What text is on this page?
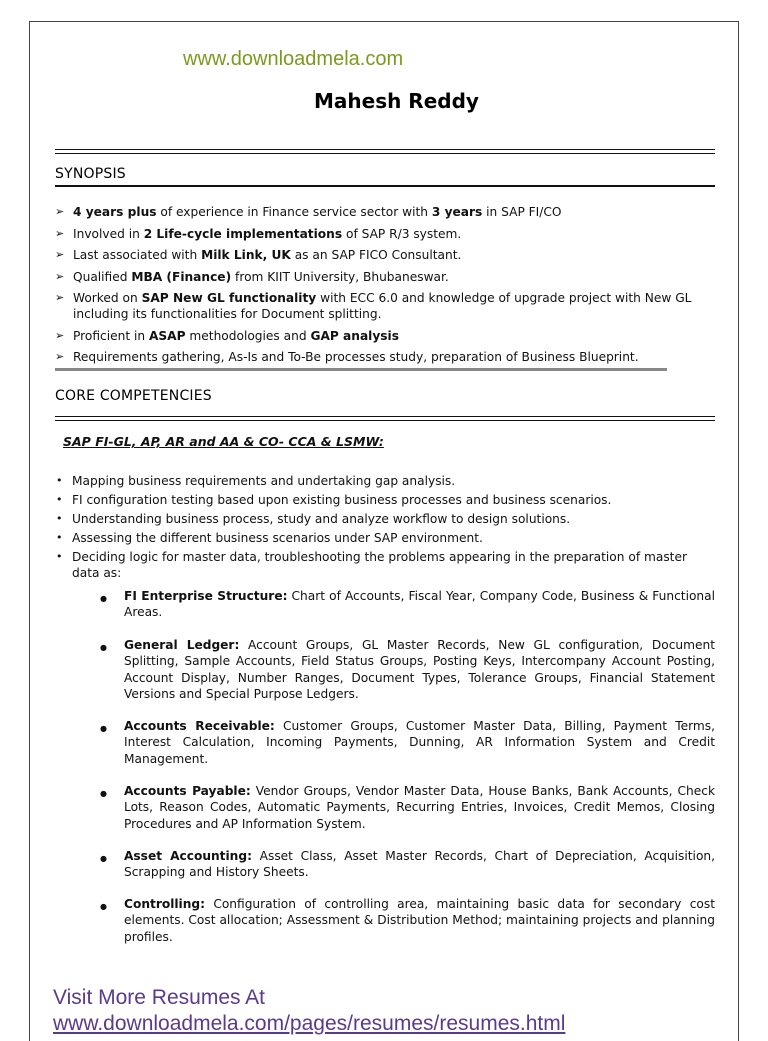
www.downloadmela.com
Mahesh Reddy
SYNOPSIS
➢ 4 years plus of experience in Finance service sector with 3 years in SAP FI/CO
➢ Involved in 2 Life-cycle implementations of SAP R/3 system.
➢ Last associated with Milk Link, UK as an SAP FICO Consultant.
➢ Qualified MBA (Finance) from KIIT University, Bhubaneswar.
➢ Worked on SAP New GL functionality with ECC 6.0 and knowledge of upgrade project with New GL including its functionalities for Document splitting.
➢ Proficient in ASAP methodologies and GAP analysis
➢ Requirements gathering, As-Is and To-Be processes study, preparation of Business Blueprint.
CORE COMPETENCIES
SAP FI-GL, AP, AR and AA & CO- CCA & LSMW:
• Mapping business requirements and undertaking gap analysis.
• FI configuration testing based upon existing business processes and business scenarios.
• Understanding business process, study and analyze workflow to design solutions.
• Assessing the different business scenarios under SAP environment.
• Deciding logic for master data, troubleshooting the problems appearing in the preparation of master data as:
● FI Enterprise Structure: Chart of Accounts, Fiscal Year, Company Code, Business & Functional Areas.
● General Ledger: Account Groups, GL Master Records, New GL configuration, Document Splitting, Sample Accounts, Field Status Groups, Posting Keys, Intercompany Account Posting, Account Display, Number Ranges, Document Types, Tolerance Groups, Financial Statement Versions and Special Purpose Ledgers.
● Accounts Receivable: Customer Groups, Customer Master Data, Billing, Payment Terms, Interest Calculation, Incoming Payments, Dunning, AR Information System and Credit Management.
● Accounts Payable: Vendor Groups, Vendor Master Data, House Banks, Bank Accounts, Check Lots, Reason Codes, Automatic Payments, Recurring Entries, Invoices, Credit Memos, Closing Procedures and AP Information System.
● Asset Accounting: Asset Class, Asset Master Records, Chart of Depreciation, Acquisition, Scrapping and History Sheets.
● Controlling: Configuration of controlling area, maintaining basic data for secondary cost elements. Cost allocation; Assessment & Distribution Method; maintaining projects and planning profiles.
Visit More Resumes At
www.downloadmela.com/pages/resumes/resumes.html
